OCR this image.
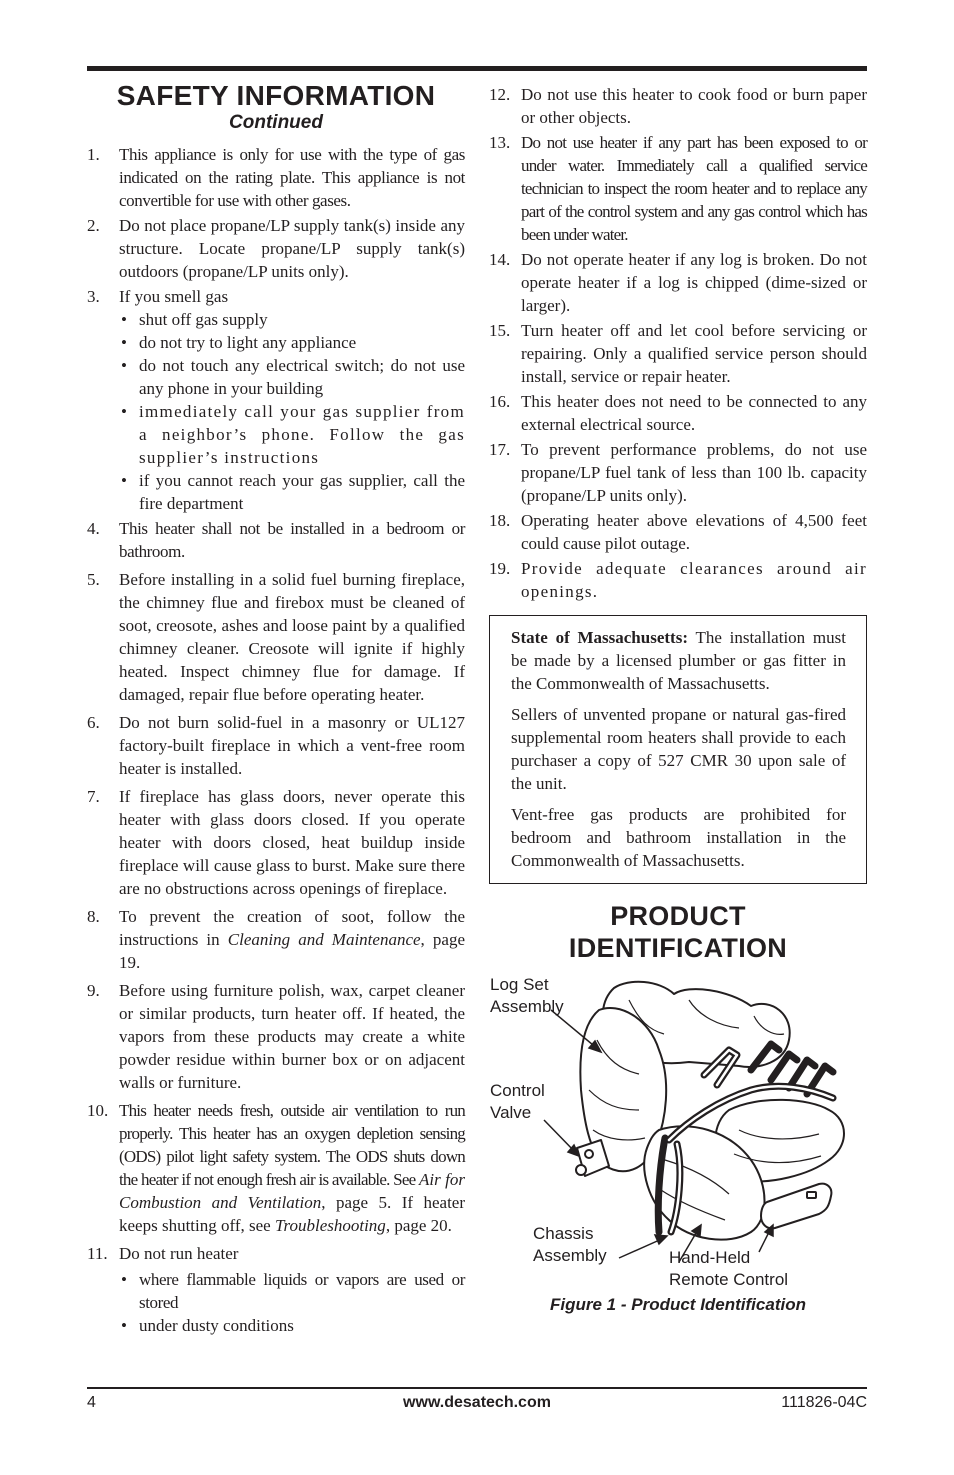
SAFETY INFORMATION
Continued
1. This appliance is only for use with the type of gas indicated on the rating plate. This appliance is not convertible for use with other gases.
2. Do not place propane/LP supply tank(s) inside any structure. Locate propane/LP supply tank(s) outdoors (propane/LP units only).
3. If you smell gas
• shut off gas supply
• do not try to light any appliance
• do not touch any electrical switch; do not use any phone in your building
• immediately call your gas supplier from a neighbor’s phone. Follow the gas supplier’s instructions
• if you cannot reach your gas supplier, call the fire department
4. This heater shall not be installed in a bedroom or bathroom.
5. Before installing in a solid fuel burning fireplace, the chimney flue and firebox must be cleaned of soot, creosote, ashes and loose paint by a qualified chimney cleaner. Creosote will ignite if highly heated. Inspect chimney flue for damage. If damaged, repair flue before operating heater.
6. Do not burn solid-fuel in a masonry or UL127 factory-built fireplace in which a vent-free room heater is installed.
7. If fireplace has glass doors, never operate this heater with glass doors closed. If you operate heater with doors closed, heat buildup inside fireplace will cause glass to burst. Make sure there are no obstructions across openings of fireplace.
8. To prevent the creation of soot, follow the instructions in Cleaning and Maintenance, page 19.
9. Before using furniture polish, wax, carpet cleaner or similar products, turn heater off. If heated, the vapors from these products may create a white powder residue within burner box or on adjacent walls or furniture.
10. This heater needs fresh, outside air ventilation to run properly. This heater has an oxygen depletion sensing (ODS) pilot light safety system. The ODS shuts down the heater if not enough fresh air is available. See Air for Combustion and Ventilation, page 5. If heater keeps shutting off, see Troubleshooting, page 20.
11. Do not run heater
• where flammable liquids or vapors are used or stored
• under dusty conditions
12. Do not use this heater to cook food or burn paper or other objects.
13. Do not use heater if any part has been exposed to or under water. Immediately call a qualified service technician to inspect the room heater and to replace any part of the control system and any gas control which has been under water.
14. Do not operate heater if any log is broken. Do not operate heater if a log is chipped (dime-sized or larger).
15. Turn heater off and let cool before servicing or repairing. Only a qualified service person should install, service or repair heater.
16. This heater does not need to be connected to any external electrical source.
17. To prevent performance problems, do not use propane/LP fuel tank of less than 100 lb. capacity (propane/LP units only).
18. Operating heater above elevations of 4,500 feet could cause pilot outage.
19. Provide adequate clearances around air openings.

State of Massachusetts: The installation must be made by a licensed plumber or gas fitter in the Commonwealth of Massachusetts.

Sellers of unvented propane or natural gas-fired supplemental room heaters shall provide to each purchaser a copy of 527 CMR 30 upon sale of the unit.

Vent-free gas products are prohibited for bedroom and bathroom installation in the Commonwealth of Massachusetts.

PRODUCT
IDENTIFICATION
Log Set
Assembly
Control
Valve
Chassis
Assembly	Hand-Held
Remote Control
Figure 1 - Product Identification
4	www.desatech.com	111826-04C
